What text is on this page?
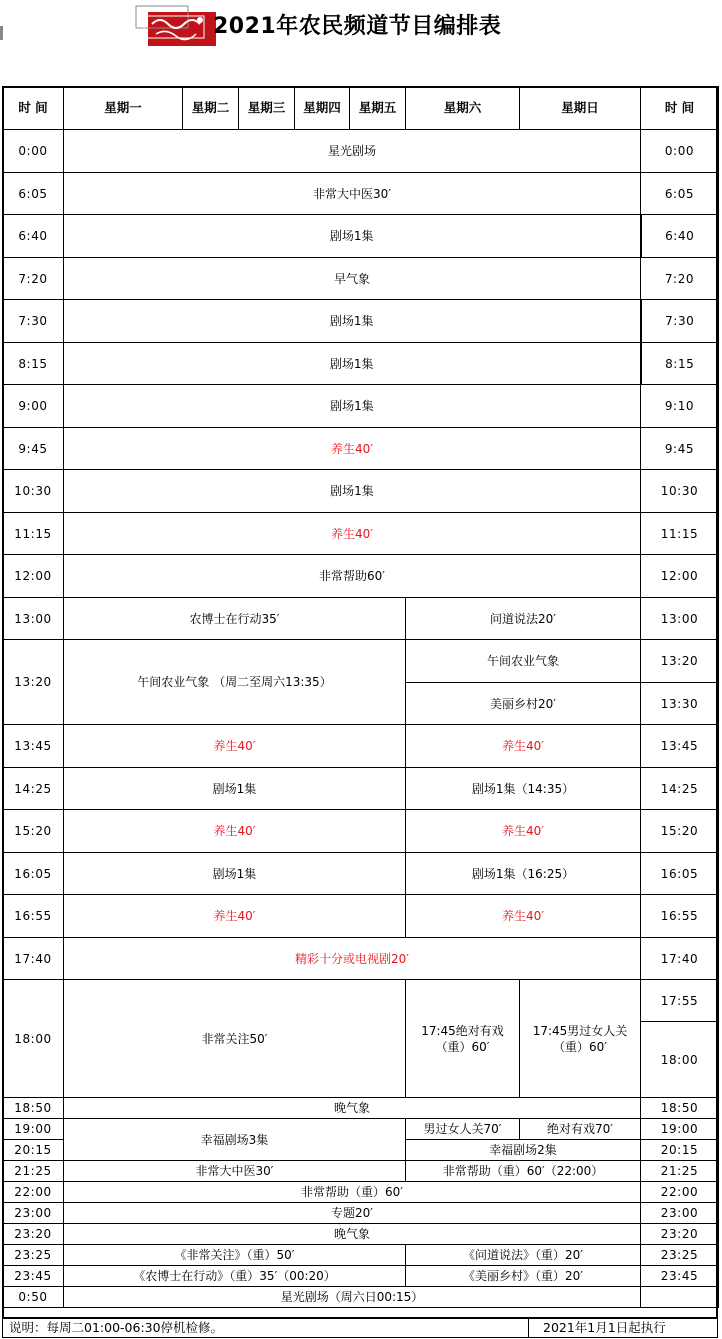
2021年农民频道节目编排表
时 间	星期一	星期二	星期三	星期四	星期五	星期六	星期日	时 间
0:00	星光剧场							0:00
6:05	非常大中医30′							6:05
6:40	剧场1集							6:40
7:20	早气象							7:20
7:30	剧场1集							7:30
8:15	剧场1集							8:15
9:00	剧场1集							9:10
9:45	养生40′							9:45
10:30	剧场1集							10:30
11:15	养生40′							11:15
12:00	非常帮助60′							12:00
13:00	农博士在行动35′					问道说法20′		13:00
13:20	午间农业气象 （周二至周六13:35）					午间农业气象		13:20
						美丽乡村20′		13:30
13:45	养生40′					养生40′		13:45
14:25	剧场1集					剧场1集（14:35）		14:25
15:20	养生40′					养生40′		15:20
16:05	剧场1集					剧场1集（16:25）		16:05
16:55	养生40′					养生40′		16:55
17:40	精彩十分或电视剧20′							17:40
18:00	非常关注50′					17:45绝对有戏（重）60′	17:45男过女人关（重）60′	17:55
								18:00
18:50	晚气象							18:50
19:00	幸福剧场3集					男过女人关70′	绝对有戏70′	19:00
20:15						幸福剧场2集		20:15
21:25	非常大中医30′					非常帮助（重）60′（22:00）		21:25
22:00	非常帮助（重）60′							22:00
23:00	专题20′							23:00
23:20	晚气象							23:20
23:25	《非常关注》（重）50′					《问道说法》（重）20′		23:25
23:45	《农博士在行动》（重）35′（00:20）					《美丽乡村》（重）20′		23:45
0:50	星光剧场（周六日00:15）							
说明：每周二01:00-06:30停机检修。	2021年1月1日起执行
